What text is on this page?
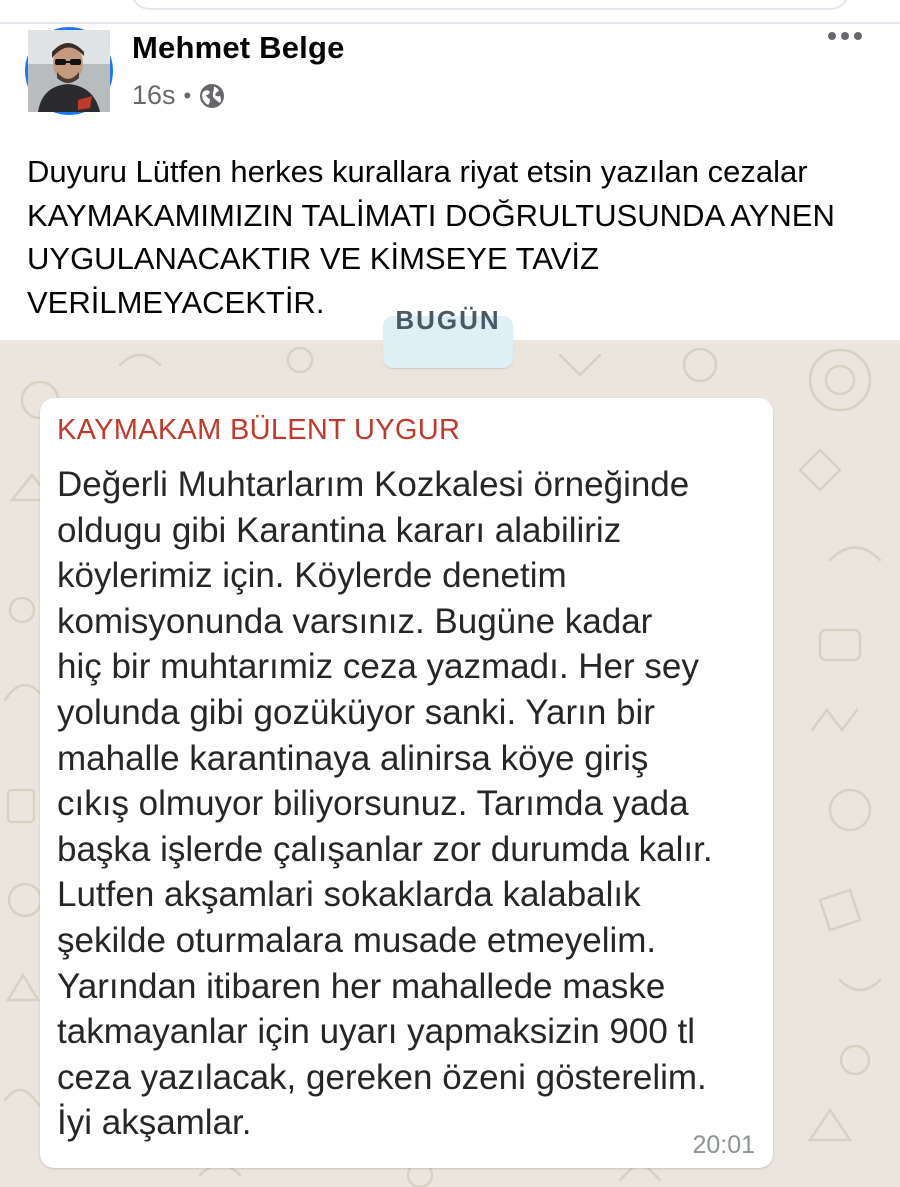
Mehmet Belge
16s •
Duyuru Lütfen herkes kurallara riyat etsin yazılan cezalar KAYMAKAMIMIZIN TALİMATI DOĞRULTUSUNDA AYNEN UYGULANACAKTIR VE KİMSEYE TAVİZ VERİLMEYACEKTİR.
BUGÜN
KAYMAKAM BÜLENT UYGUR
Değerli Muhtarlarım Kozkalesi örneğinde
oldugu gibi Karantina kararı alabiliriz
köylerimiz için. Köylerde denetim
komisyonunda varsınız. Bugüne kadar
hiç bir muhtarımiz ceza yazmadı. Her sey
yolunda gibi gozüküyor sanki. Yarın bir
mahalle karantinaya alinirsa köye giriş
cıkış olmuyor biliyorsunuz. Tarımda yada
başka işlerde çalışanlar zor durumda kalır.
Lutfen akşamlari sokaklarda kalabalık
şekilde oturmalara musade etmeyelim.
Yarından itibaren her mahallede maske
takmayanlar için uyarı yapmaksizin 900 tl
ceza yazılacak, gereken özeni gösterelim.
İyi akşamlar.
20:01
